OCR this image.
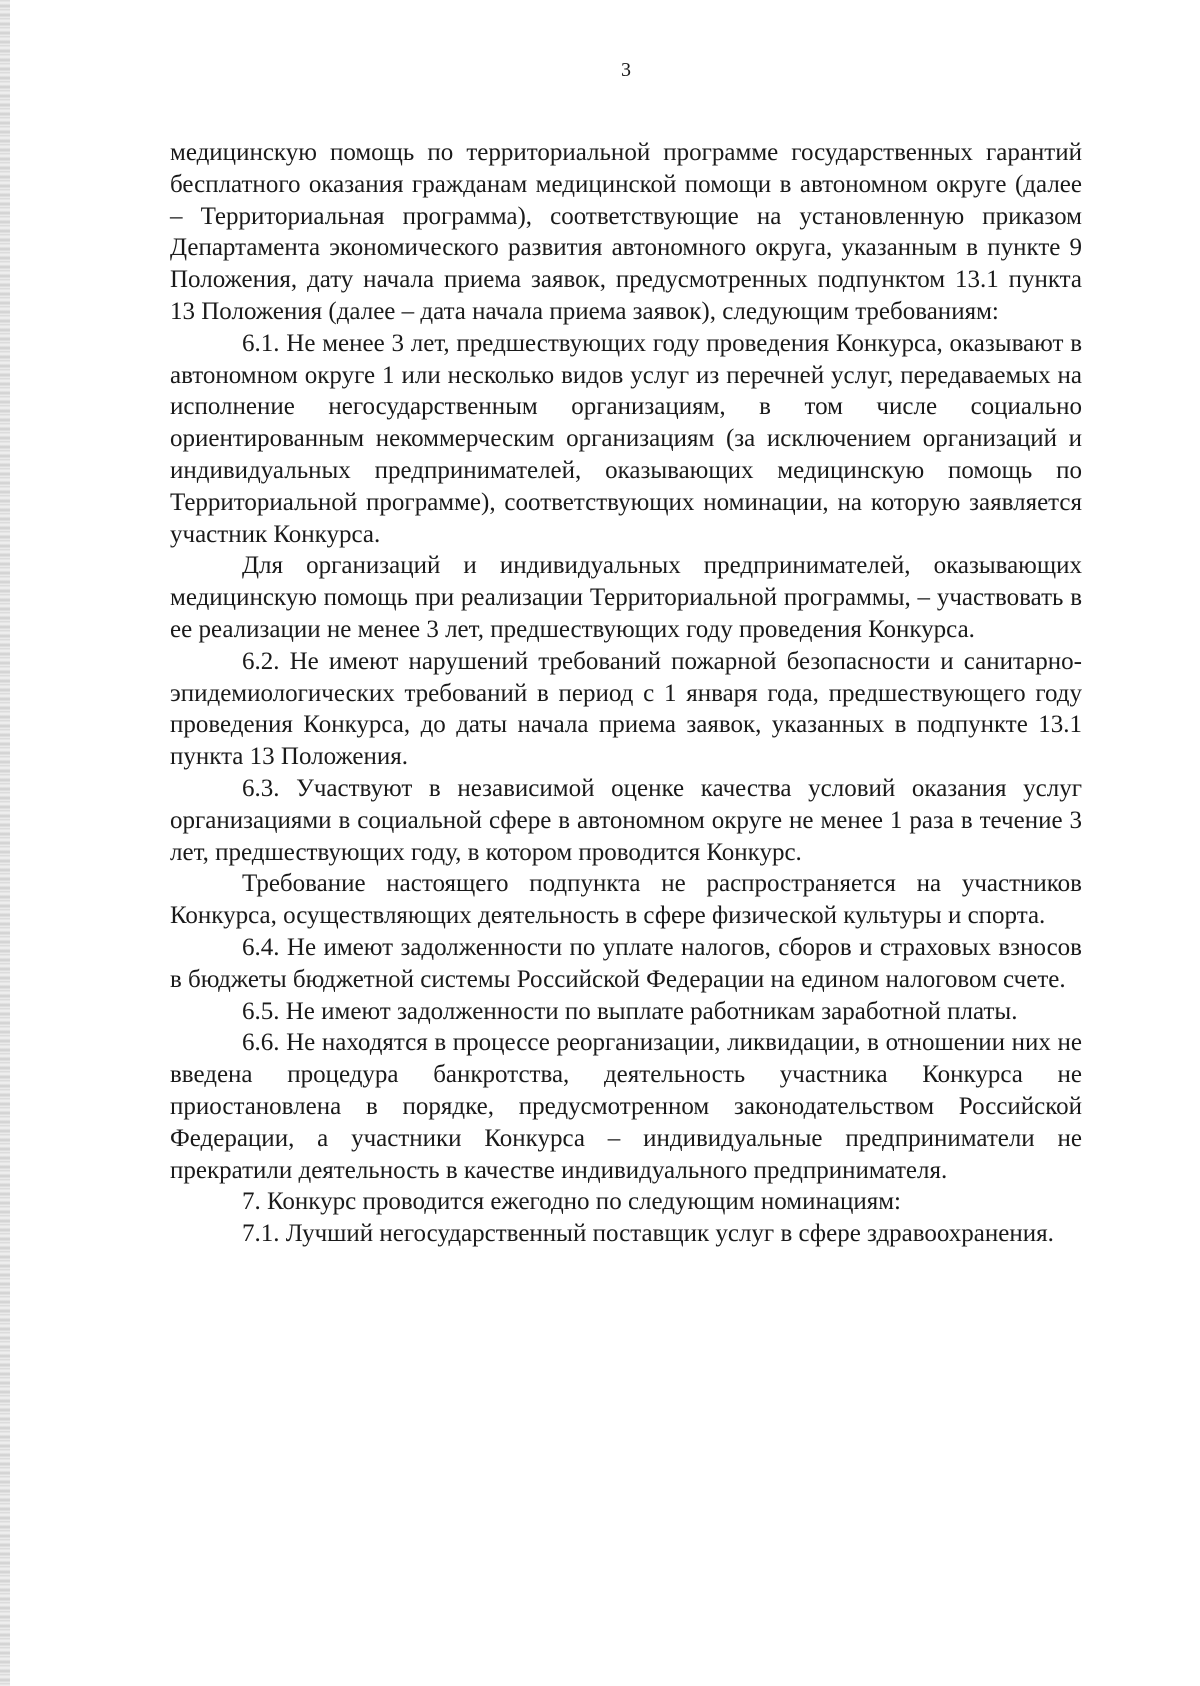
3

медицинскую помощь по территориальной программе государственных гарантий бесплатного оказания гражданам медицинской помощи в автономном округе (далее – Территориальная программа), соответствующие на установленную приказом Департамента экономического развития автономного округа, указанным в пункте 9 Положения, дату начала приема заявок, предусмотренных подпунктом 13.1 пункта 13 Положения (далее – дата начала приема заявок), следующим требованиям:

6.1. Не менее 3 лет, предшествующих году проведения Конкурса, оказывают в автономном округе 1 или несколько видов услуг из перечней услуг, передаваемых на исполнение негосударственным организациям, в том числе социально ориентированным некоммерческим организациям (за исключением организаций и индивидуальных предпринимателей, оказывающих медицинскую помощь по Территориальной программе), соответствующих номинации, на которую заявляется участник Конкурса.

Для организаций и индивидуальных предпринимателей, оказывающих медицинскую помощь при реализации Территориальной программы, – участвовать в ее реализации не менее 3 лет, предшествующих году проведения Конкурса.

6.2. Не имеют нарушений требований пожарной безопасности и санитарно-эпидемиологических требований в период с 1 января года, предшествующего году проведения Конкурса, до даты начала приема заявок, указанных в подпункте 13.1 пункта 13 Положения.

6.3. Участвуют в независимой оценке качества условий оказания услуг организациями в социальной сфере в автономном округе не менее 1 раза в течение 3 лет, предшествующих году, в котором проводится Конкурс.

Требование настоящего подпункта не распространяется на участников Конкурса, осуществляющих деятельность в сфере физической культуры и спорта.

6.4. Не имеют задолженности по уплате налогов, сборов и страховых взносов в бюджеты бюджетной системы Российской Федерации на едином налоговом счете.

6.5. Не имеют задолженности по выплате работникам заработной платы.

6.6. Не находятся в процессе реорганизации, ликвидации, в отношении них не введена процедура банкротства, деятельность участника Конкурса не приостановлена в порядке, предусмотренном законодательством Российской Федерации, а участники Конкурса – индивидуальные предприниматели не прекратили деятельность в качестве индивидуального предпринимателя.

7. Конкурс проводится ежегодно по следующим номинациям:

7.1. Лучший негосударственный поставщик услуг в сфере здравоохранения.
